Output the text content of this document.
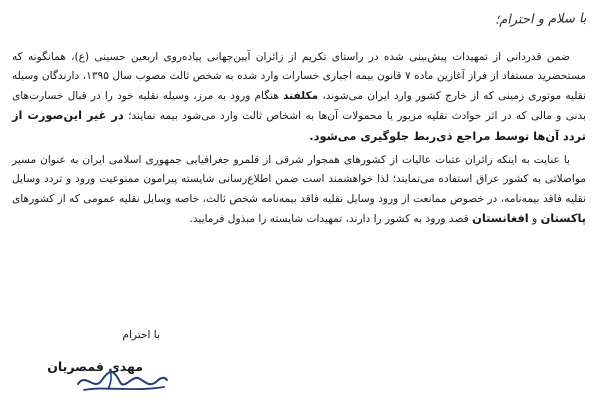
با سلام و احترام؛

ضمن قدردانی از تمهیدات پیش‌بینی شده در راستای تکریم از زائران آیین‌جهانی پیاده‌روی اربعین حسینی (ع)، همانگونه که مستحضرید مستفاد از فراز آغازین ماده ۷ قانون بیمه اجباری خسارات وارد شده به شخص ثالث مصوب سال ۱۳۹۵، دارندگان وسیله نقلیه موتوری زمینی که از خارج کشور وارد ایران می‌شوند، مکلفند هنگام ورود به مرز، وسیله نقلیه خود را در قبال خسارت‌های بدنی و مالی که در اثر حوادث نقلیه مزبور یا محمولات آن‌ها به اشخاص ثالث وارد می‌شود بیمه نمایند؛ در غیر این‌صورت از تردد آن‌ها توسط مراجع ذی‌ربط جلوگیری می‌شود.

با عنایت به اینکه زائران عتبات عالیات از کشورهای همجوار شرقی از قلمرو جغرافیایی جمهوری اسلامی ایران به عنوان مسیر مواصلاتی به کشور عراق استفاده می‌نمایند؛ لذا خواهشمند است ضمن اطلاع‌رسانی شایسته پیرامون ممنوعیت ورود و تردد وسایل نقلیه فاقد بیمه‌نامه، در خصوص ممانعت از ورود وسایل نقلیه فاقد بیمه‌نامه شخص ثالث، خاصه وسایل نقلیه عمومی که از کشورهای پاکستان و افغانستان قصد ورود به کشور را دارند، تمهیدات شایسته را مبذول فرمایید.

با احترام
مهدی قمصریان
